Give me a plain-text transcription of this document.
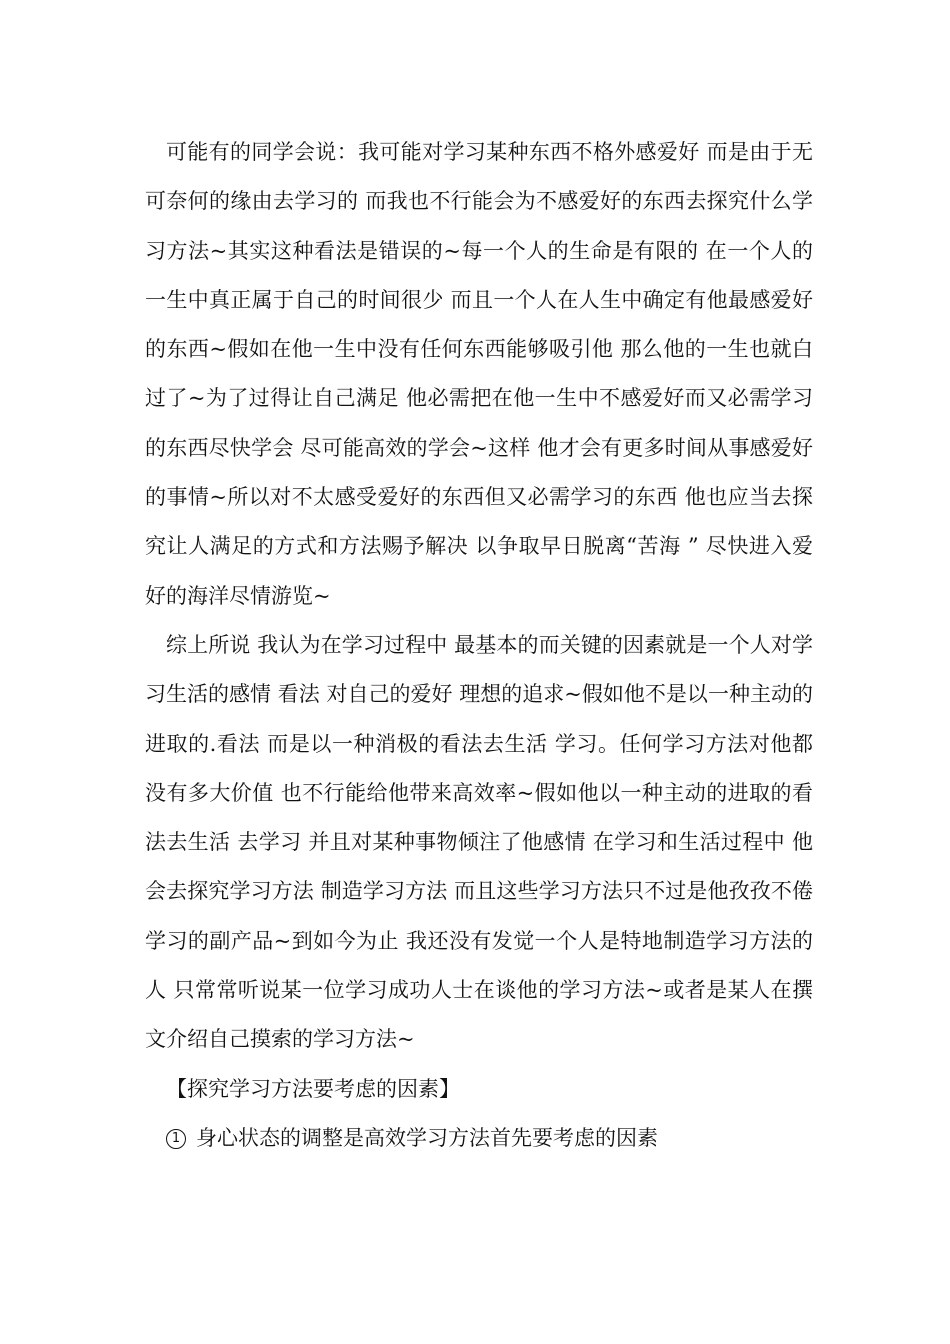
可能有的同学会说：我可能对学习某种东西不格外感爱好 而是由于无可奈何的缘由去学习的 而我也不行能会为不感爱好的东西去探究什么学习方法~其实这种看法是错误的~每一个人的生命是有限的 在一个人的一生中真正属于自己的时间很少 而且一个人在人生中确定有他最感爱好的东西~假如在他一生中没有任何东西能够吸引他 那么他的一生也就白过了~为了过得让自己满足 他必需把在他一生中不感爱好而又必需学习的东西尽快学会 尽可能高效的学会~这样 他才会有更多时间从事感爱好的事情~所以对不太感受爱好的东西但又必需学习的东西 他也应当去探究让人满足的方式和方法赐予解决 以争取早日脱离“苦海 ” 尽快进入爱好的海洋尽情游览~

综上所说 我认为在学习过程中 最基本的而关键的因素就是一个人对学习生活的感情 看法 对自己的爱好 理想的追求~假如他不是以一种主动的进取的.看法 而是以一种消极的看法去生活 学习。任何学习方法对他都 没有多大价值 也不行能给他带来高效率~假如他以一种主动的进取的看法去生活 去学习 并且对某种事物倾注了他感情 在学习和生活过程中 他会去探究学习方法 制造学习方法 而且这些学习方法只不过是他孜孜不倦学习的副产品~到如今为止 我还没有发觉一个人是特地制造学习方法的人 只常常听说某一位学习成功人士在谈他的学习方法~或者是某人在撰文介绍自己摸索的学习方法~

【探究学习方法要考虑的因素】

1 身心状态的调整是高效学习方法首先要考虑的因素
